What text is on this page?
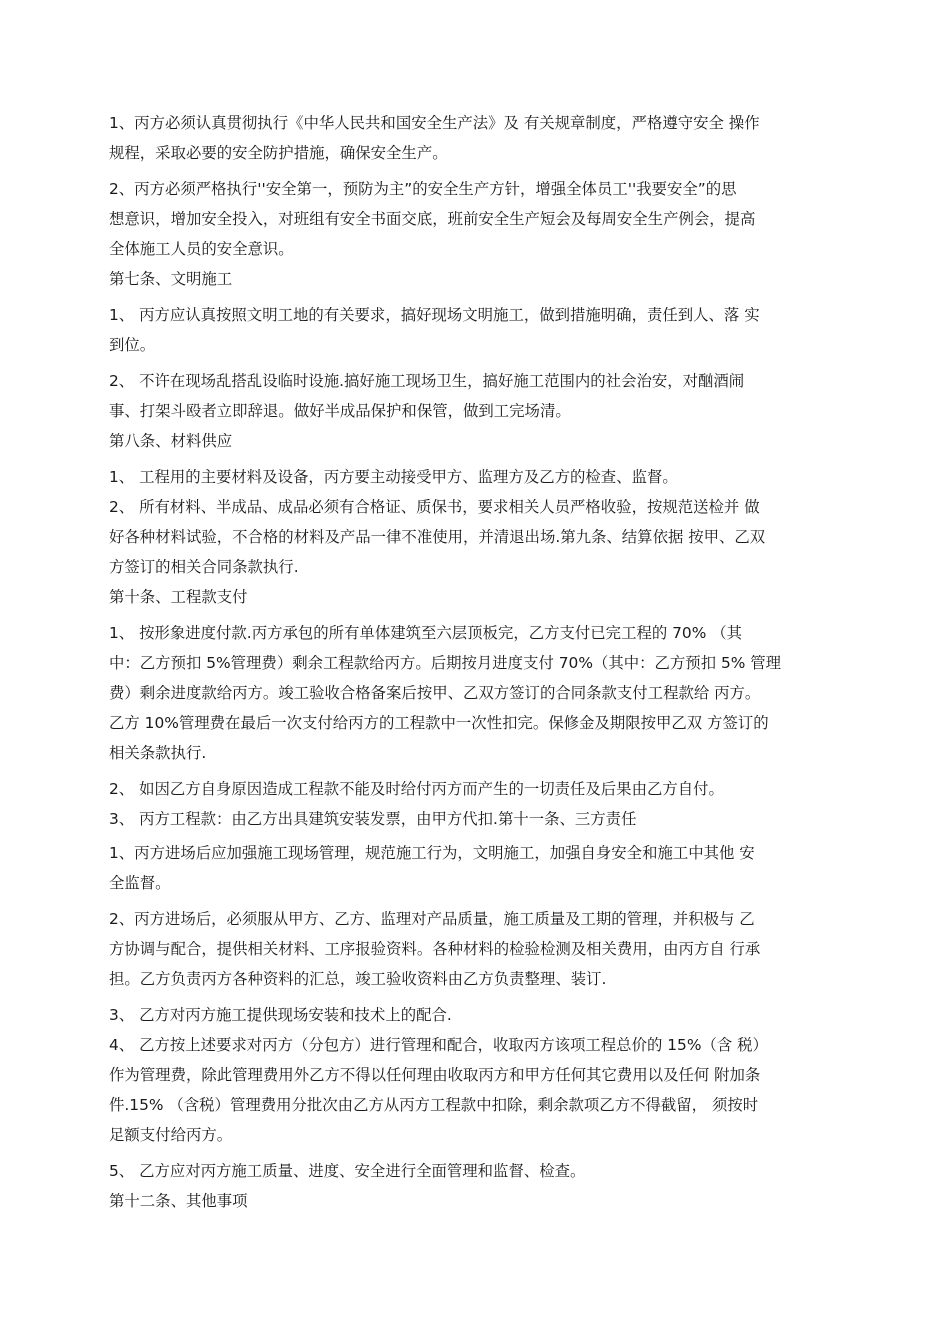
1、丙方必须认真贯彻执行《中华人民共和国安全生产法》及 有关规章制度，严格遵守安全 操作
规程，采取必要的安全防护措施，确保安全生产。
2、丙方必须严格执行''安全第一，预防为主”的安全生产方针，增强全体员工''我要安全”的思
想意识，增加安全投入，对班组有安全书面交底，班前安全生产短会及每周安全生产例会，提高
全体施工人员的安全意识。
第七条、文明施工
1、 丙方应认真按照文明工地的有关要求，搞好现场文明施工，做到措施明确，责任到人、落 实
到位。
2、 不许在现场乱搭乱设临时设施.搞好施工现场卫生，搞好施工范围内的社会治安，对酗酒闹
事、打架斗殴者立即辞退。做好半成品保护和保管，做到工完场清。
第八条、材料供应
1、 工程用的主要材料及设备，丙方要主动接受甲方、监理方及乙方的检查、监督。
2、 所有材料、半成品、成品必须有合格证、质保书，要求相关人员严格收验，按规范送检并 做
好各种材料试验，不合格的材料及产品一律不准使用，并清退出场.第九条、结算依据 按甲、乙双
方签订的相关合同条款执行.
第十条、工程款支付
1、 按形象进度付款.丙方承包的所有单体建筑至六层顶板完，乙方支付已完工程的 70% （其
中：乙方预扣 5%管理费）剩余工程款给丙方。后期按月进度支付 70%（其中：乙方预扣 5% 管理
费）剩余进度款给丙方。竣工验收合格备案后按甲、乙双方签订的合同条款支付工程款给 丙方。
乙方 10%管理费在最后一次支付给丙方的工程款中一次性扣完。保修金及期限按甲乙双 方签订的
相关条款执行.
2、 如因乙方自身原因造成工程款不能及时给付丙方而产生的一切责任及后果由乙方自付。
3、 丙方工程款：由乙方出具建筑安装发票，由甲方代扣.第十一条、三方责任
1、丙方进场后应加强施工现场管理，规范施工行为，文明施工，加强自身安全和施工中其他 安
全监督。
2、丙方进场后，必须服从甲方、乙方、监理对产品质量，施工质量及工期的管理，并积极与 乙
方协调与配合，提供相关材料、工序报验资料。各种材料的检验检测及相关费用，由丙方自 行承
担。乙方负责丙方各种资料的汇总，竣工验收资料由乙方负责整理、装订.
3、 乙方对丙方施工提供现场安装和技术上的配合.
4、 乙方按上述要求对丙方（分包方）进行管理和配合，收取丙方该项工程总价的 15%（含 税）
作为管理费，除此管理费用外乙方不得以任何理由收取丙方和甲方任何其它费用以及任何 附加条
件.15% （含税）管理费用分批次由乙方从丙方工程款中扣除，剩余款项乙方不得截留， 须按时
足额支付给丙方。
5、 乙方应对丙方施工质量、进度、安全进行全面管理和监督、检查。
第十二条、其他事项
